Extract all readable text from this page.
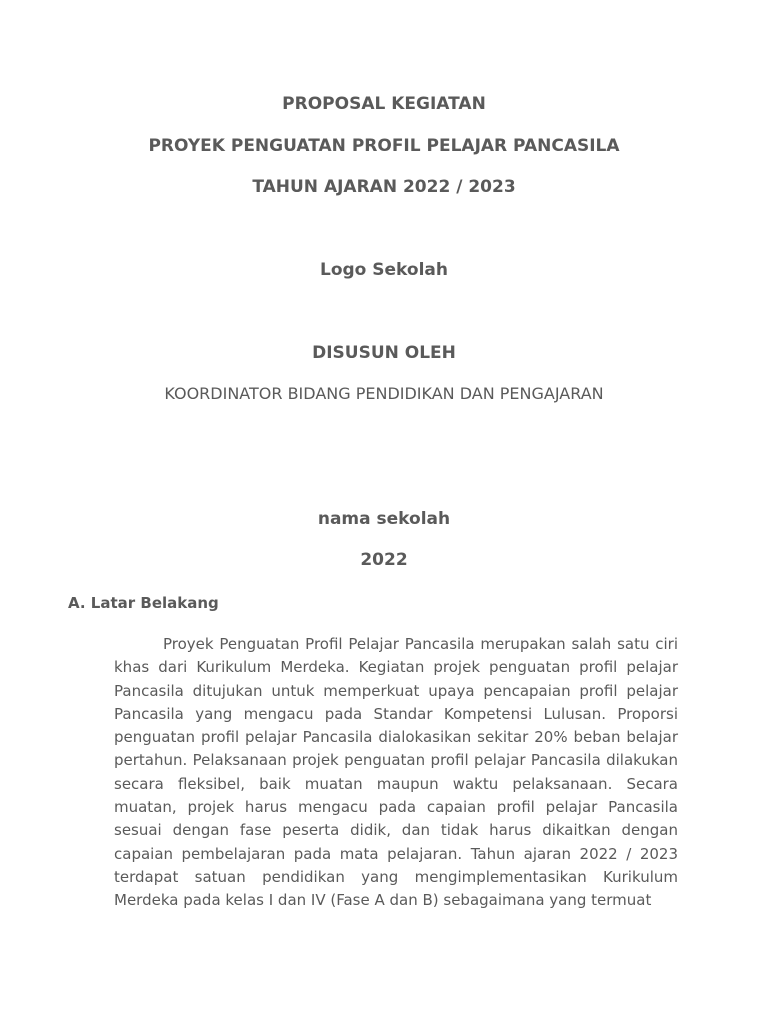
PROPOSAL KEGIATAN
PROYEK PENGUATAN PROFIL PELAJAR PANCASILA
TAHUN AJARAN 2022 / 2023
Logo Sekolah
DISUSUN OLEH
KOORDINATOR BIDANG PENDIDIKAN DAN PENGAJARAN
nama sekolah
2022
A. Latar Belakang

Proyek Penguatan Profil Pelajar Pancasila merupakan salah satu ciri khas dari Kurikulum Merdeka. Kegiatan projek penguatan profil pelajar Pancasila ditujukan untuk memperkuat upaya pencapaian profil pelajar Pancasila yang mengacu pada Standar Kompetensi Lulusan. Proporsi penguatan profil pelajar Pancasila dialokasikan sekitar 20% beban belajar pertahun. Pelaksanaan projek penguatan profil pelajar Pancasila dilakukan secara fleksibel, baik muatan maupun waktu pelaksanaan. Secara muatan, projek harus mengacu pada capaian profil pelajar Pancasila sesuai dengan fase peserta didik, dan tidak harus dikaitkan dengan capaian pembelajaran pada mata pelajaran. Tahun ajaran 2022 / 2023 terdapat satuan pendidikan yang mengimplementasikan Kurikulum Merdeka pada kelas I dan IV (Fase A dan B) sebagaimana yang termuat
